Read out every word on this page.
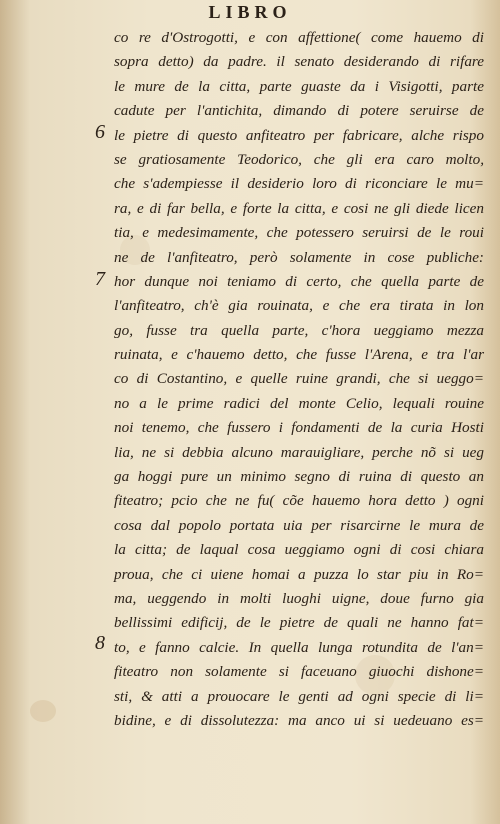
LIBRO
6
7
8
co re d'Ostrogotti, e con affettione( come hauemo di
sopra detto) da padre. il senato desiderando di rifare
le mure de la citta, parte guaste da i Visigotti, parte
cadute per l'antichita, dimando di potere seruirse de
le pietre di questo anfiteatro per fabricare, alche rispo
se gratiosamente Teodorico, che gli era caro molto,
che s'adempiesse il desiderio loro di riconciare le mu=
ra, e di far bella, e forte la citta, e cosi ne gli diede licen
tia, e medesimamente, che potessero seruirsi de le roui
ne de l'anfiteatro, però solamente in cose publiche:
hor dunque noi teniamo di certo, che quella parte de
l'anfiteatro, ch'è gia rouinata, e che era tirata in lon
go, fusse tra quella parte, c'hora ueggiamo mezza
ruinata, e c'hauemo detto, che fusse l'Arena, e tra l'ar
co di Costantino, e quelle ruine grandi, che si ueggo=
no a le prime radici del monte Celio, lequali rouine
noi tenemo, che fussero i fondamenti de la curia Hosti
lia, ne si debbia alcuno marauigliare, perche nõ si ueg
ga hoggi pure un minimo segno di ruina di questo an
fiteatro; pcio che ne fu( cõe hauemo hora detto ) ogni
cosa dal popolo portata uia per risarcirne le mura de
la citta; de laqual cosa ueggiamo ogni di cosi chiara
proua, che ci uiene homai a puzza lo star piu in Ro=
ma, ueggendo in molti luoghi uigne, doue furno gia
bellissimi edificij, de le pietre de quali ne hanno fat=
to, e fanno calcie. In quella lunga rotundita de l'an=
fiteatro non solamente si faceuano giuochi dishone=
sti, & atti a prouocare le genti ad ogni specie di li=
bidine, e di dissolutezza: ma anco ui si uedeuano es=
